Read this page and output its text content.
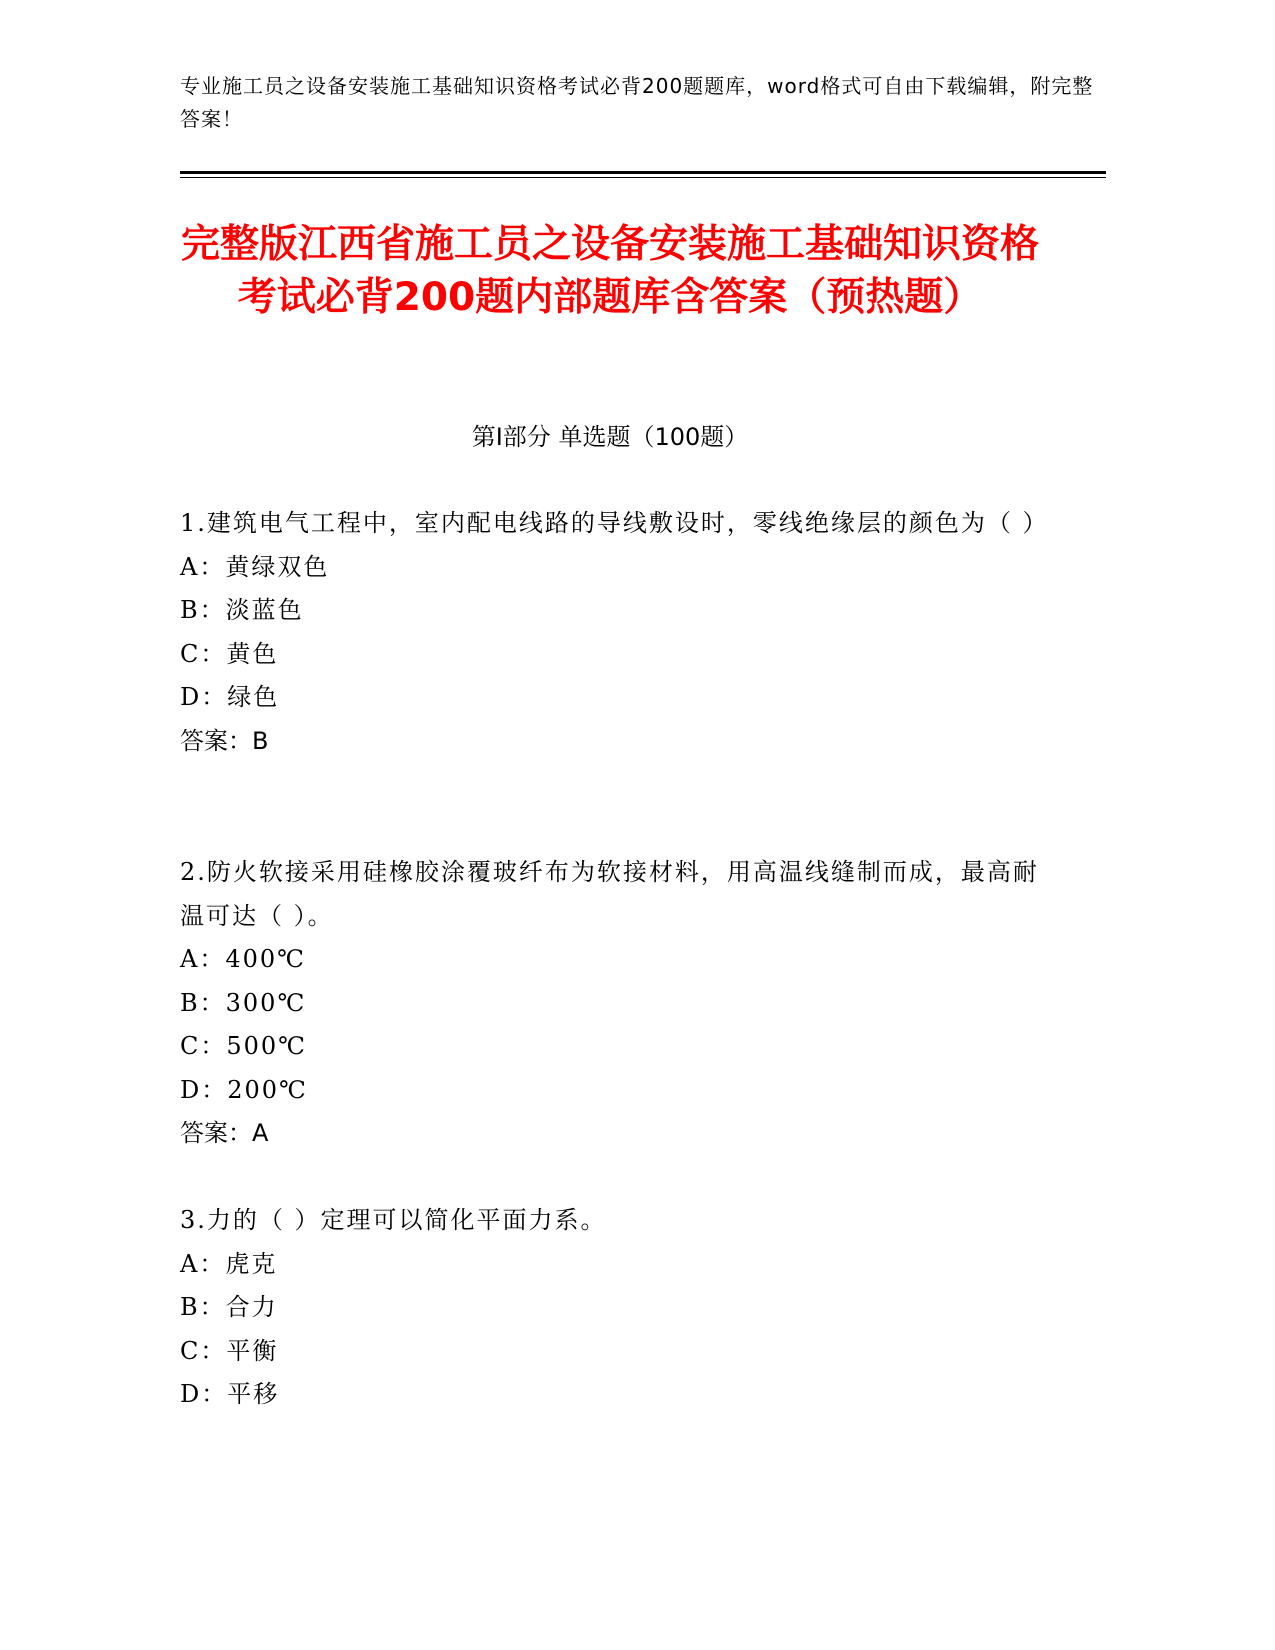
专业施工员之设备安装施工基础知识资格考试必背200题题库，word格式可自由下载编辑，附完整答案！
完整版江西省施工员之设备安装施工基础知识资格考试必背200题内部题库含答案（预热题）
第I部分 单选题（100题）
1.建筑电气工程中，室内配电线路的导线敷设时，零线绝缘层的颜色为（ ）
A：黄绿双色
B：淡蓝色
C：黄色
D：绿色
答案：B
2.防火软接采用硅橡胶涂覆玻纤布为软接材料，用高温线缝制而成，最高耐温可达（ ）。
A：400℃
B：300℃
C：500℃
D：200℃
答案：A
3.力的（ ）定理可以简化平面力系。
A：虎克
B：合力
C：平衡
D：平移
